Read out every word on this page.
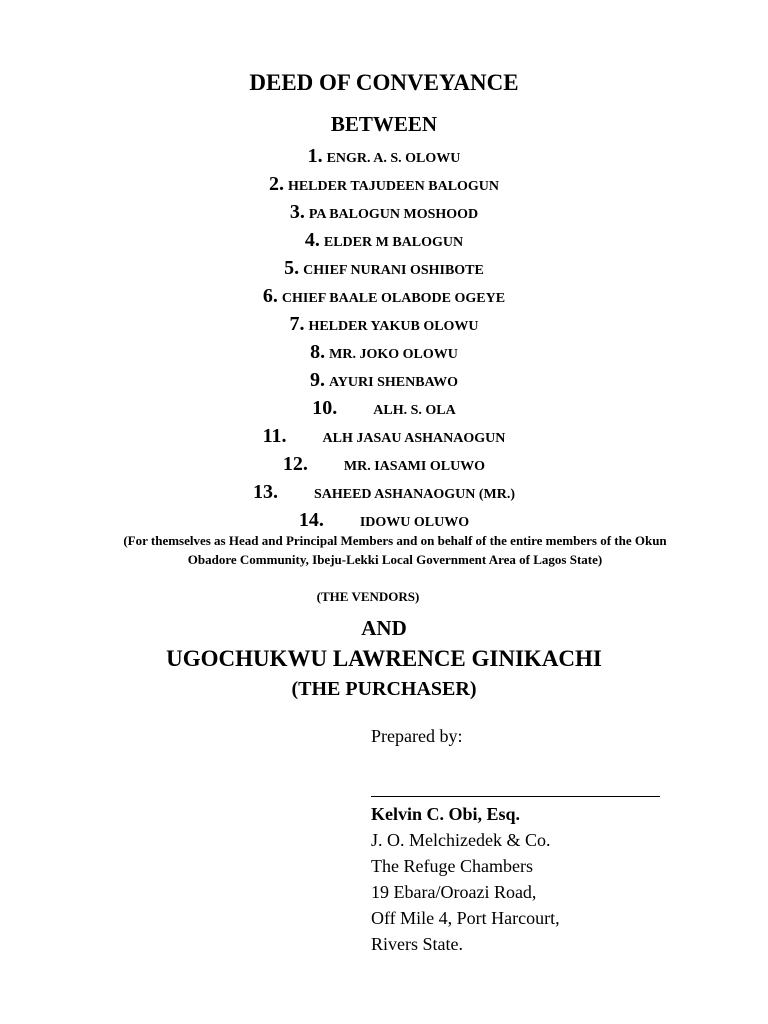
DEED OF CONVEYANCE
BETWEEN
1. ENGR. A. S. OLOWU
2. HELDER TAJUDEEN BALOGUN
3. PA BALOGUN MOSHOOD
4. ELDER M BALOGUN
5. CHIEF NURANI OSHIBOTE
6. CHIEF BAALE OLABODE OGEYE
7. HELDER YAKUB OLOWU
8. MR. JOKO OLOWU
9. AYURI SHENBAWO
10.	ALH. S. OLA
11.	ALH JASAU ASHANAOGUN
12.	MR. IASAMI OLUWO
13.	SAHEED ASHANAOGUN (MR.)
14.	IDOWU OLUWO
(For themselves as Head and Principal Members and on behalf of the entire members of the Okun Obadore Community, Ibeju-Lekki Local Government Area of Lagos State)
(THE VENDORS)
AND
UGOCHUKWU LAWRENCE GINIKACHI
(THE PURCHASER)
Prepared by:
Kelvin C. Obi, Esq.
J. O. Melchizedek & Co.
The Refuge Chambers
19 Ebara/Oroazi Road,
Off Mile 4, Port Harcourt,
Rivers State.
